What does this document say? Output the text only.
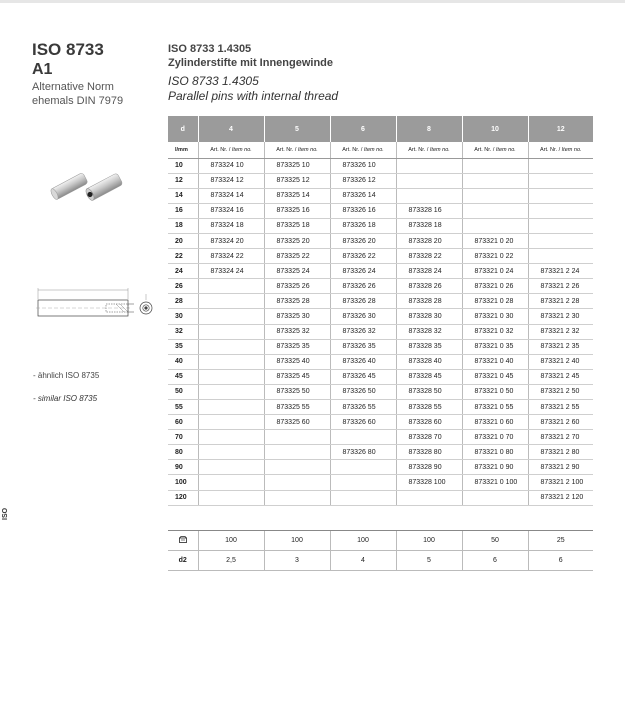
ISO 8733
A1
Alternative Norm
ehemals DIN 7979
ISO 8733 1.4305
Zylinderstifte mit Innengewinde
ISO 8733 1.4305
Parallel pins with internal thread
ISO
- ähnlich ISO 8735
- similar ISO 8735
d	4	5	6	8	10	12
l/mm	Art. Nr. / Item no.	Art. Nr. / Item no.	Art. Nr. / Item no.	Art. Nr. / Item no.	Art. Nr. / Item no.	Art. Nr. / Item no.
10	873324 10	873325 10	873326 10			
12	873324 12	873325 12	873326 12			
14	873324 14	873325 14	873326 14			
16	873324 16	873325 16	873326 16	873328 16		
18	873324 18	873325 18	873326 18	873328 18		
20	873324 20	873325 20	873326 20	873328 20	873321 0 20	
22	873324 22	873325 22	873326 22	873328 22	873321 0 22	
24	873324 24	873325 24	873326 24	873328 24	873321 0 24	873321 2 24
26		873325 26	873326 26	873328 26	873321 0 26	873321 2 26
28		873325 28	873326 28	873328 28	873321 0 28	873321 2 28
30		873325 30	873326 30	873328 30	873321 0 30	873321 2 30
32		873325 32	873326 32	873328 32	873321 0 32	873321 2 32
35		873325 35	873326 35	873328 35	873321 0 35	873321 2 35
40		873325 40	873326 40	873328 40	873321 0 40	873321 2 40
45		873325 45	873326 45	873328 45	873321 0 45	873321 2 45
50		873325 50	873326 50	873328 50	873321 0 50	873321 2 50
55		873325 55	873326 55	873328 55	873321 0 55	873321 2 55
60		873325 60	873326 60	873328 60	873321 0 60	873321 2 60
70				873328 70	873321 0 70	873321 2 70
80			873326 80	873328 80	873321 0 80	873321 2 80
90				873328 90	873321 0 90	873321 2 90
100				873328 100	873321 0 100	873321 2 100
120						873321 2 120
	100	100	100	100	50	25
d2	2,5	3	4	5	6	6
